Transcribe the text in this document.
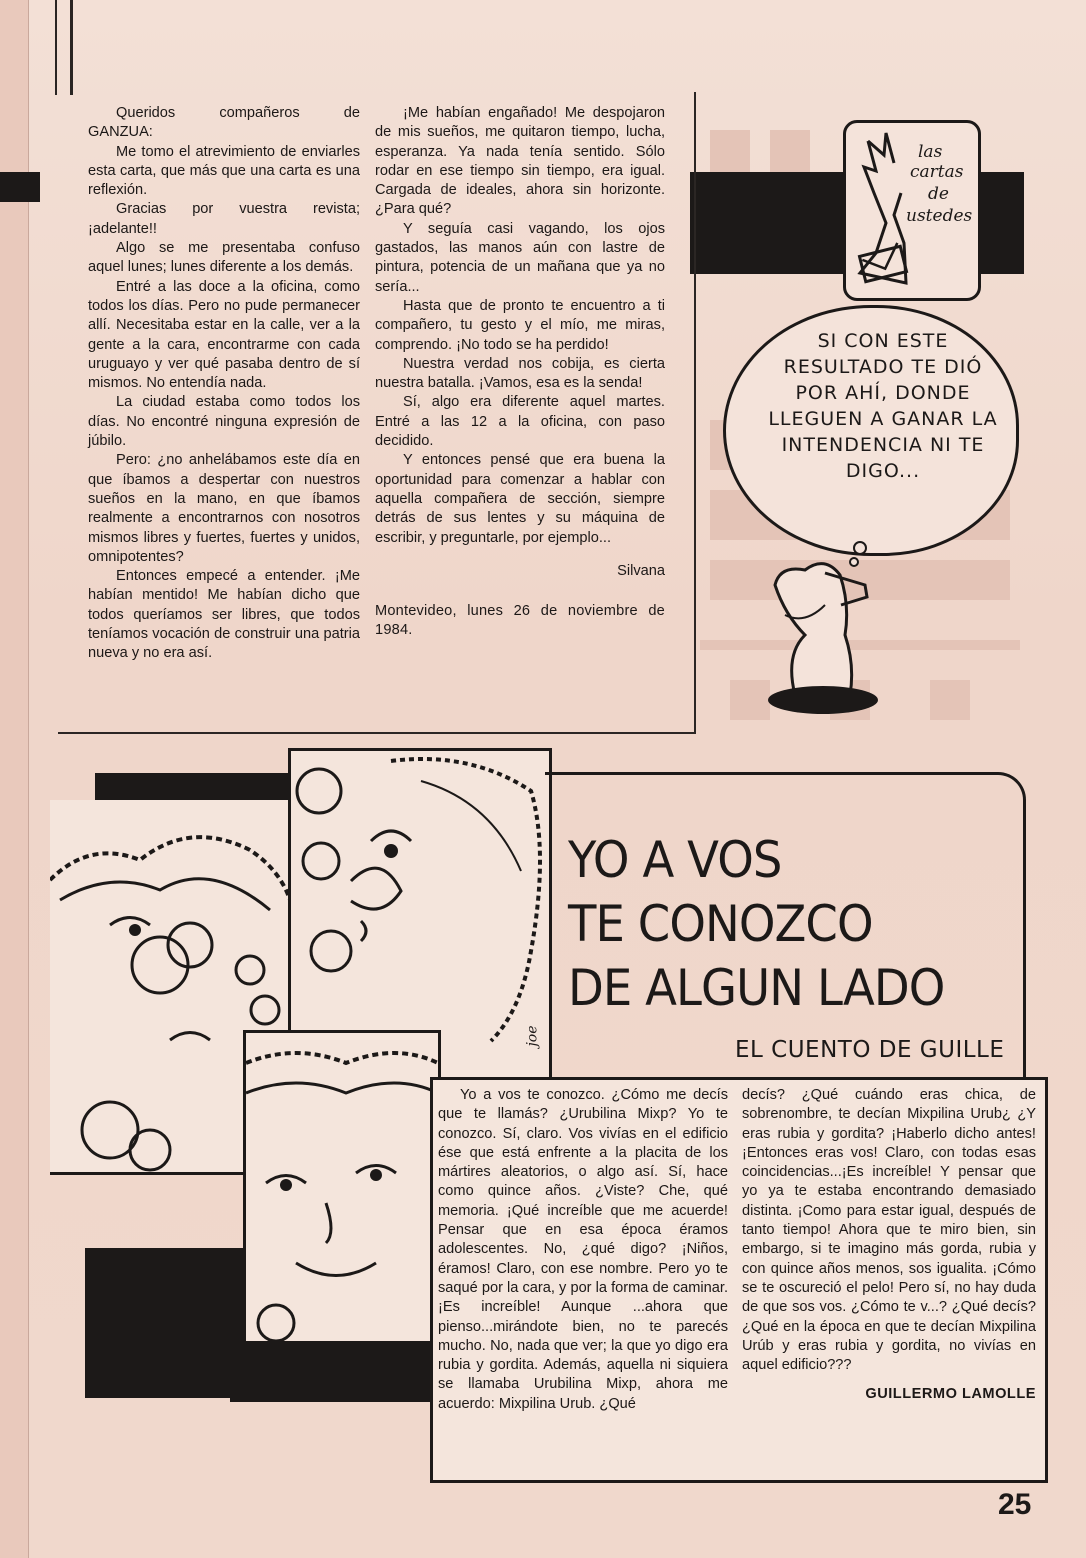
Queridos compañeros de GANZUA:

Me tomo el atrevimiento de enviarles esta carta, que más que una carta es una reflexión.

Gracias por vuestra revista; ¡adelante!!

Algo se me presentaba confuso aquel lunes; lunes diferente a los demás.

Entré a las doce a la oficina, como todos los días. Pero no pude permanecer allí. Necesitaba estar en la calle, ver a la gente a la cara, encontrarme con cada uruguayo y ver qué pasaba dentro de sí mismos. No entendía nada.

La ciudad estaba como todos los días. No encontré ninguna expresión de júbilo.

Pero: ¿no anhelábamos este día en que íbamos a despertar con nuestros sueños en la mano, en que íbamos realmente a encontrarnos con nosotros mismos libres y fuertes, fuertes y unidos, omnipotentes?

Entonces empecé a entender. ¡Me habían mentido! Me habían dicho que todos queríamos ser libres, que todos teníamos vocación de construir una patria nueva y no era así.

¡Me habían engañado! Me despojaron de mis sueños, me quitaron tiempo, lucha, esperanza. Ya nada tenía sentido. Sólo rodar en ese tiempo sin tiempo, era igual. Cargada de ideales, ahora sin horizonte. ¿Para qué?

Y seguía casi vagando, los ojos gastados, las manos aún con lastre de pintura, potencia de un mañana que ya no sería...

Hasta que de pronto te encuentro a ti compañero, tu gesto y el mío, me miras, comprendo. ¡No todo se ha perdido!

Nuestra verdad nos cobija, es cierta nuestra batalla. ¡Vamos, esa es la senda!

Sí, algo era diferente aquel martes. Entré a las 12 a la oficina, con paso decidido.

Y entonces pensé que era buena la oportunidad para comenzar a hablar con aquella compañera de sección, siempre detrás de sus lentes y su máquina de escribir, y preguntarle, por ejemplo...

Silvana

Montevideo, lunes 26 de noviembre de 1984.

las
cartas
de
ustedes
SI CON ESTE RESULTADO TE DIÓ POR AHÍ, DONDE LLEGUEN A GANAR LA INTENDENCIA NI TE DIGO...
joe
YO A VOS
TE CONOZCO
DE ALGUN LADO
EL CUENTO DE GUILLE

Yo a vos te conozco. ¿Cómo me decís que te llamás? ¿Urubilina Mixp? Yo te conozco. Sí, claro. Vos vivías en el edificio ése que está enfrente a la placita de los mártires aleatorios, o algo así. Sí, hace como quince años. ¿Viste? Che, qué memoria. ¡Qué increíble que me acuerde! Pensar que en esa época éramos adolescentes. No, ¿qué digo? ¡Niños, éramos! Claro, con ese nombre. Pero yo te saqué por la cara, y por la forma de caminar. ¡Es increíble! Aunque ...ahora que pienso...mirándote bien, no te parecés mucho. No, nada que ver; la que yo digo era rubia y gordita. Además, aquella ni siquiera se llamaba Urubilina Mixp, ahora me acuerdo: Mixpilina Urub. ¿Qué

decís? ¿Qué cuándo eras chica, de sobrenombre, te decían Mixpilina Urub¿ ¿Y eras rubia y gordita? ¡Haberlo dicho antes! ¡Entonces eras vos! Claro, con todas esas coincidencias...¡Es increíble! Y pensar que yo ya te estaba encontrando demasiado distinta. ¡Como para estar igual, después de tanto tiempo! Ahora que te miro bien, sin embargo, si te imagino más gorda, rubia y con quince años menos, sos igualita. ¡Cómo se te oscureció el pelo! Pero sí, no hay duda de que sos vos. ¿Cómo te v...? ¿Qué decís? ¿Qué en la época en que te decían Mixpilina Urúb y eras rubia y gordita, no vivías en aquel edificio???

GUILLERMO LAMOLLE
25
